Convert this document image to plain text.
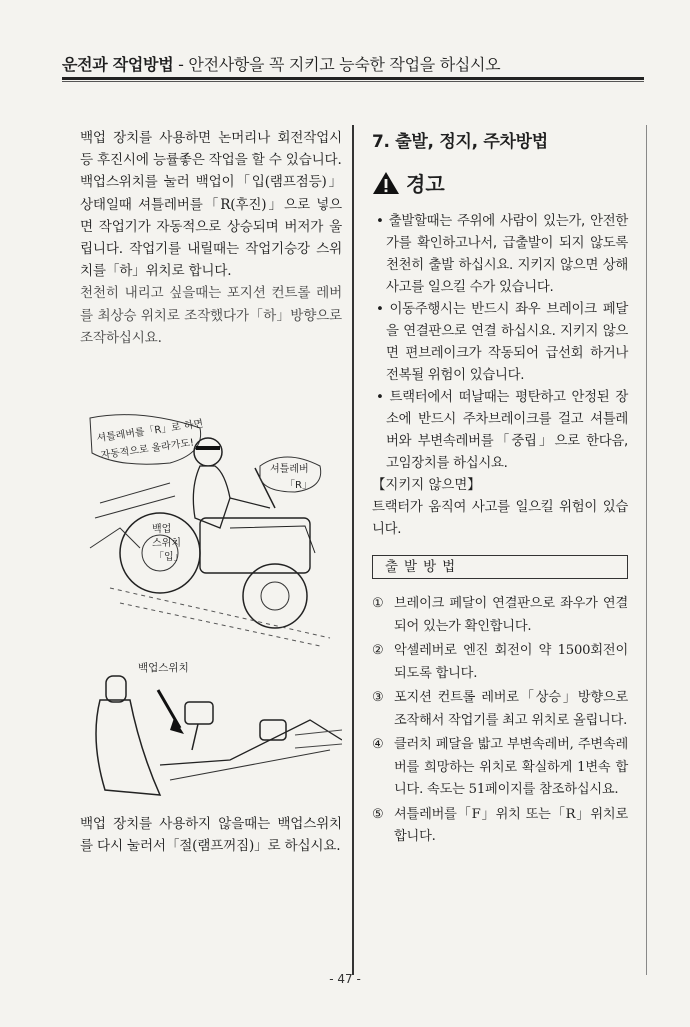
운전과 작업방법 - 안전사항을 꼭 지키고 능숙한 작업을 하십시오

백업 장치를 사용하면 논머리나 회전작업시등 후진시에 능률좋은 작업을 할 수 있습니다.

백업스위치를 눌러 백업이「입(램프점등)」상태일때 셔틀레버를「R(후진)」으로 넣으면 작업기가 자동적으로 상승되며 버저가 울립니다. 작업기를 내릴때는 작업기승강 스위치를「하」위치로 합니다.

천천히 내리고 싶을때는 포지션 컨트롤 레버를 최상승 위치로 조작했다가「하」방향으로 조작하십시요.

셔틀레버를「R」로 하면
자동적으로 올라가도!
셔틀레버
「R」
백업
스위치
「입」
백업스위치

백업 장치를 사용하지 않을때는 백업스위치를 다시 눌러서「절(램프꺼짐)」로 하십시요.

7. 출발, 정지, 주차방법
경고

• 출발할때는 주위에 사람이 있는가, 안전한가를 확인하고나서, 급출발이 되지 않도록 천천히 출발 하십시요. 지키지 않으면 상해 사고를 일으킬 수가 있습니다.

• 이동주행시는 반드시 좌우 브레이크 페달을 연결판으로 연결 하십시요. 지키지 않으면 편브레이크가 작동되어 급선회 하거나 전복될 위험이 있습니다.

• 트랙터에서 떠날때는 평탄하고 안정된 장소에 반드시 주차브레이크를 걸고 셔틀레버와 부변속레버를「중립」으로 한다음, 고임장치를 하십시요.

【지키지 않으면】

트랙터가 움직여 사고를 일으킬 위험이 있습니다.

출발방법
① 브레이크 페달이 연결판으로 좌우가 연결되어 있는가 확인합니다.
② 악셀레버로 엔진 회전이 약 1500회전이 되도록 합니다.
③ 포지션 컨트롤 레버로「상승」방향으로 조작해서 작업기를 최고 위치로 올립니다.
④ 클러치 페달을 밟고 부변속레버, 주변속레버를 희망하는 위치로 확실하게 1변속 합니다. 속도는 51페이지를 참조하십시요.
⑤ 셔틀레버를「F」위치 또는「R」위치로 합니다.
- 47 -
